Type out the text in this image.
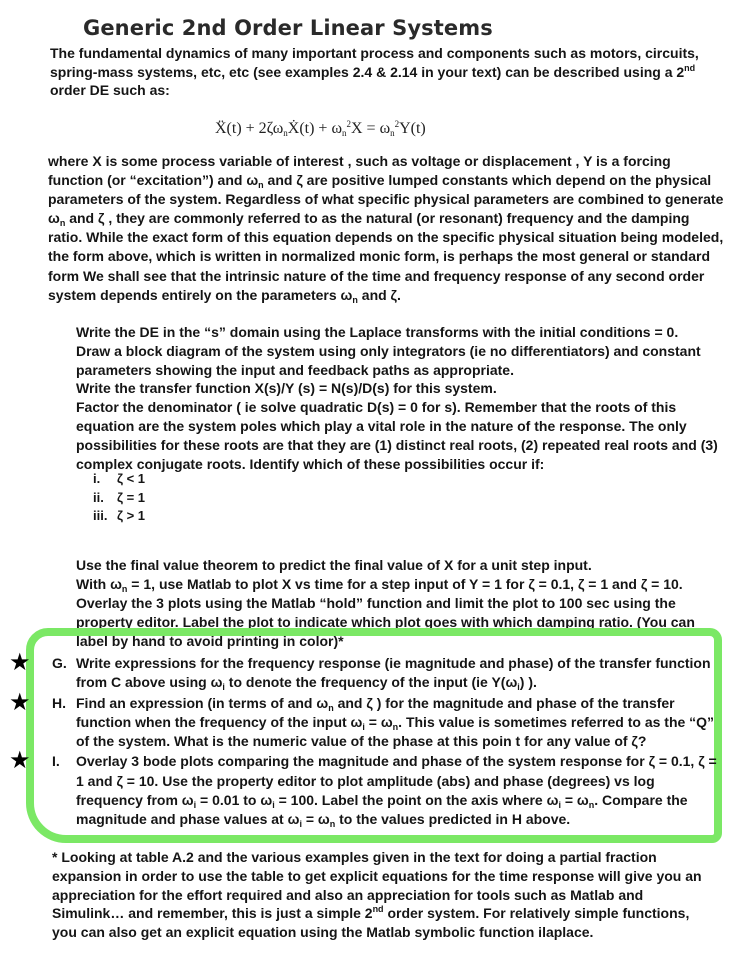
Generic 2nd Order Linear Systems
The fundamental dynamics of many important process and components such as motors, circuits, spring-mass systems, etc, etc (see examples 2.4 & 2.14 in your text) can be described using a 2nd order DE such as:
Ẍ(t) + $2\zeta\omega_nẊ(t) + \omega_n^2X = \omega_n^2Y(t)$
where X is some process variable of interest , such as voltage or displacement , Y is a forcing function (or “excitation”) and $\omega_n$ and ζ are positive lumped constants which depend on the physical parameters of the system. Regardless of what specific physical parameters are combined to generate $\omega_n$ and ζ , they are commonly referred to as the natural (or resonant) frequency and the damping ratio. While the exact form of this equation depends on the specific physical situation being modeled, the form above, which is written in normalized monic form, is perhaps the most general or standard form We shall see that the intrinsic nature of the time and frequency response of any second order system depends entirely on the parameters $\omega_n$ and ζ.

Write the DE in the “s” domain using the Laplace transforms with the initial conditions = 0.

Draw a block diagram of the system using only integrators (ie no differentiators) and constant parameters showing the input and feedback paths as appropriate.

Write the transfer function X(s)/Y (s) = N(s)/D(s) for this system.

Factor the denominator ( ie solve quadratic D(s) = 0 for s). Remember that the roots of this equation are the system poles which play a vital role in the nature of the response. The only possibilities for these roots are that they are (1) distinct real roots, (2) repeated real roots and (3) complex conjugate roots. Identify which of these possibilities occur if:

i.	ζ < 1
ii.	ζ = 1
iii. ζ > 1

Use the final value theorem to predict the final value of X for a unit step input.

With $\omega_n = 1$, use Matlab to plot X vs time for a step input of Y = 1 for ζ = 0.1, ζ = 1 and ζ = 10. Overlay the 3 plots using the Matlab “hold” function and limit the plot to 100 sec using the property editor. Label the plot to indicate which plot goes with which damping ratio. (You can label by hand to avoid printing in color)*

★ G. Write expressions for the frequency response (ie magnitude and phase) of the transfer function from C above using $\omega_i$ to denote the frequency of the input (ie $Y(\omega_i)$ ).
★ H. Find an expression (in terms of and $\omega_n$ and ζ ) for the magnitude and phase of the transfer function when the frequency of the input $\omega_i = \omega_n$. This value is sometimes referred to as the “Q” of the system. What is the numeric value of the phase at this poin t for any value of ζ?
★ I.	Overlay 3 bode plots comparing the magnitude and phase of the system response for ζ = 0.1, ζ = 1 and ζ = 10. Use the property editor to plot amplitude (abs) and phase (degrees) vs log frequency from $\omega_i = 0.01$ to $\omega_i = 100$. Label the point on the axis where $\omega_i = \omega_n$. Compare the magnitude and phase values at $\omega_i = \omega_n$ to the values predicted in H above.

* Looking at table A.2 and the various examples given in the text for doing a partial fraction expansion in order to use the table to get explicit equations for the time response will give you an appreciation for the effort required and also an appreciation for tools such as Matlab and Simulink… and remember, this is just a simple 2nd order system. For relatively simple functions, you can also get an explicit equation using the Matlab symbolic function ilaplace.
